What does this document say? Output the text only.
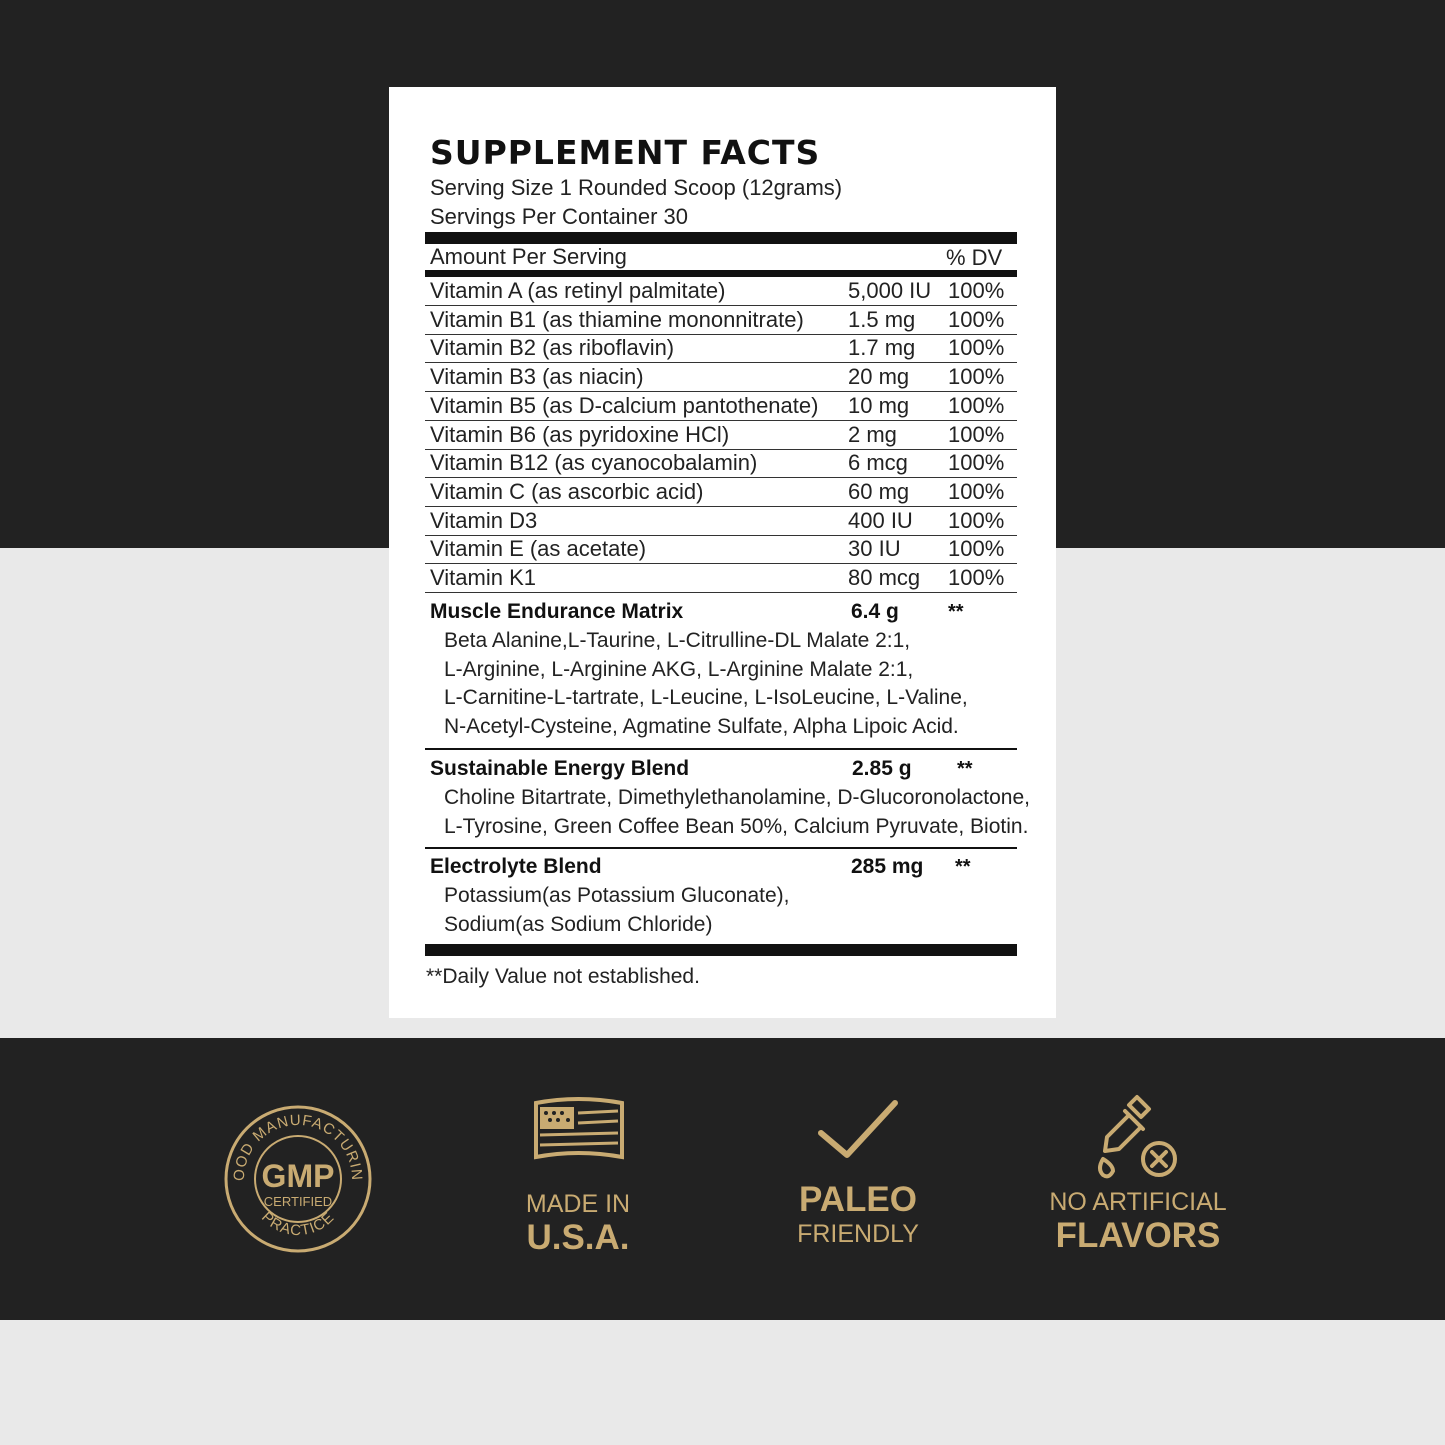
SUPPLEMENT FACTS
Serving Size 1 Rounded Scoop (12grams)
Servings Per Container 30
Amount Per Serving	% DV
Vitamin A (as retinyl palmitate)	5,000 IU 100%
Vitamin B1 (as thiamine mononnitrate) 1.5 mg 100%
Vitamin B2 (as riboflavin)	1.7 mg 100%
Vitamin B3 (as niacin)	20 mg 100%
Vitamin B5 (as D-calcium pantothenate) 10 mg 100%
Vitamin B6 (as pyridoxine HCl)	2 mg 100%
Vitamin B12 (as cyanocobalamin)	6 mcg 100%
Vitamin C (as ascorbic acid)	60 mg 100%
Vitamin D3	400 IU 100%
Vitamin E (as acetate)	30 IU 100%
Vitamin K1	80 mcg 100%
Muscle Endurance Matrix	6.4 g **
Beta Alanine,L-Taurine, L-Citrulline-DL Malate 2:1,
L-Arginine, L-Arginine AKG, L-Arginine Malate 2:1,
L-Carnitine-L-tartrate, L-Leucine, L-IsoLeucine, L-Valine,
N-Acetyl-Cysteine, Agmatine Sulfate, Alpha Lipoic Acid.
Sustainable Energy Blend	2.85 g **
Choline Bitartrate, Dimethylethanolamine, D-Glucoronolactone,
L-Tyrosine, Green Coffee Bean 50%, Calcium Pyruvate, Biotin.
Electrolyte Blend	285 mg **
Potassium(as Potassium Gluconate),
Sodium(as Sodium Chloride)
**Daily Value not established.
OOD MANUFACTURIN
PRACTICE
GMP
CERTIFIED	MADE IN
U.S.A.
PALEO
FRIENDLY
NO ARTIFICIAL
FLAVORS
